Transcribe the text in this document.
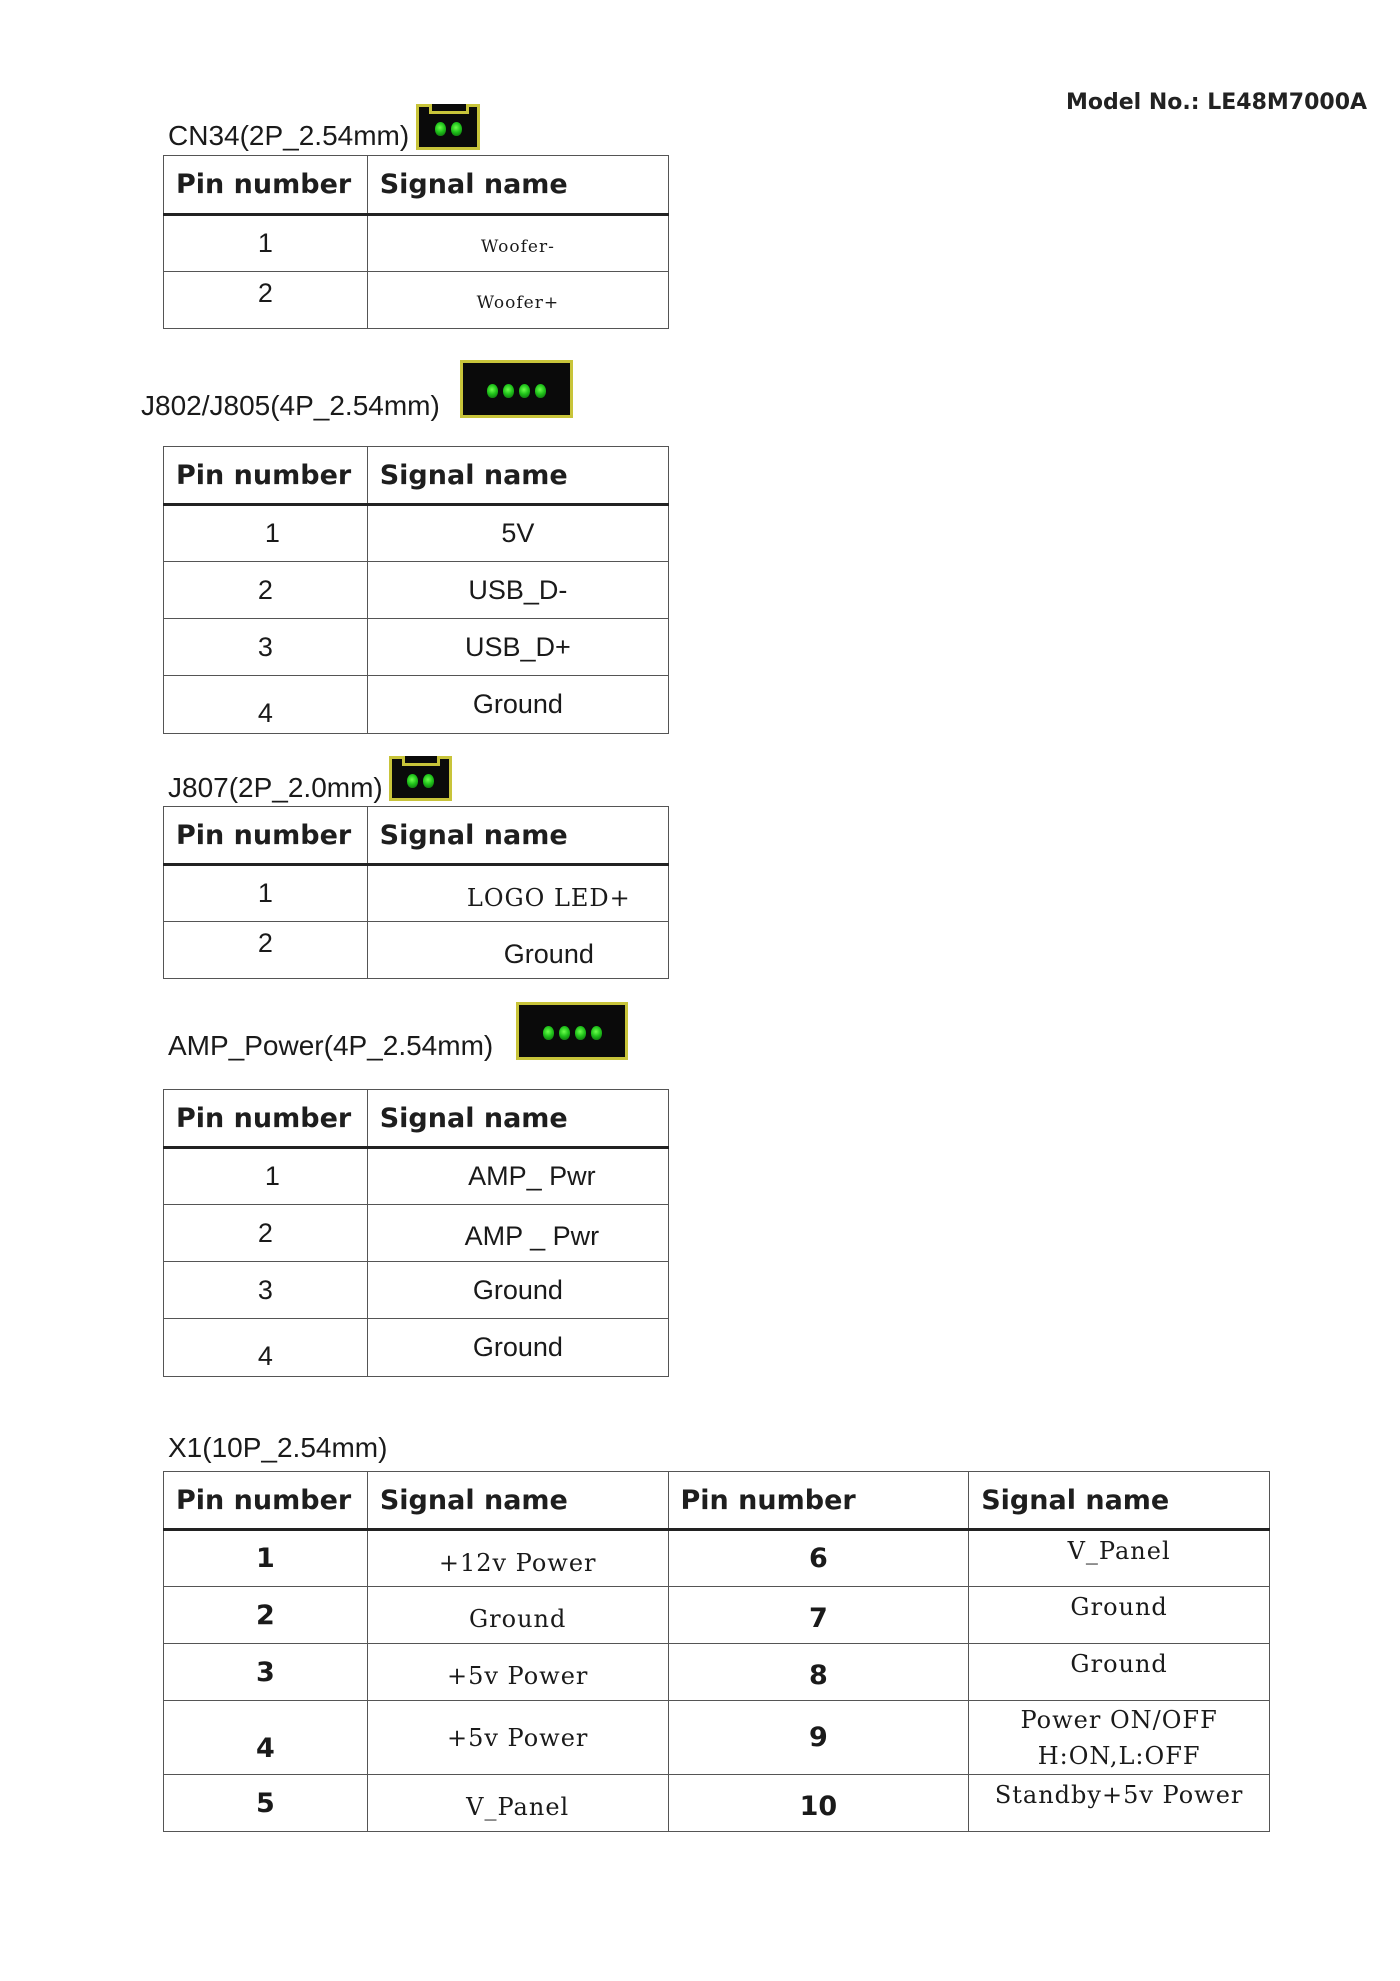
Model No.: LE48M7000A
CN34(2P_2.54mm)
Pin number	Signal name
1	Woofer-
2	Woofer+
J802/J805(4P_2.54mm)
Pin number	Signal name
1	5V
2	USB_D-
3	USB_D+
4	Ground
J807(2P_2.0mm)
Pin number	Signal name
1	LOGO LED+
2	Ground
AMP_Power(4P_2.54mm)
Pin number	Signal name
1	AMP_ Pwr
2	AMP _ Pwr
3	Ground
4	Ground
X1(10P_2.54mm)
Pin number	Signal name	Pin number	Signal name
1	+12v Power	6	V_Panel
2	Ground	7	Ground
3	+5v Power	8	Ground
4	+5v Power	9	Power ON/OFF
H:ON,L:OFF

5	V_Panel	10	Standby+5v Power
